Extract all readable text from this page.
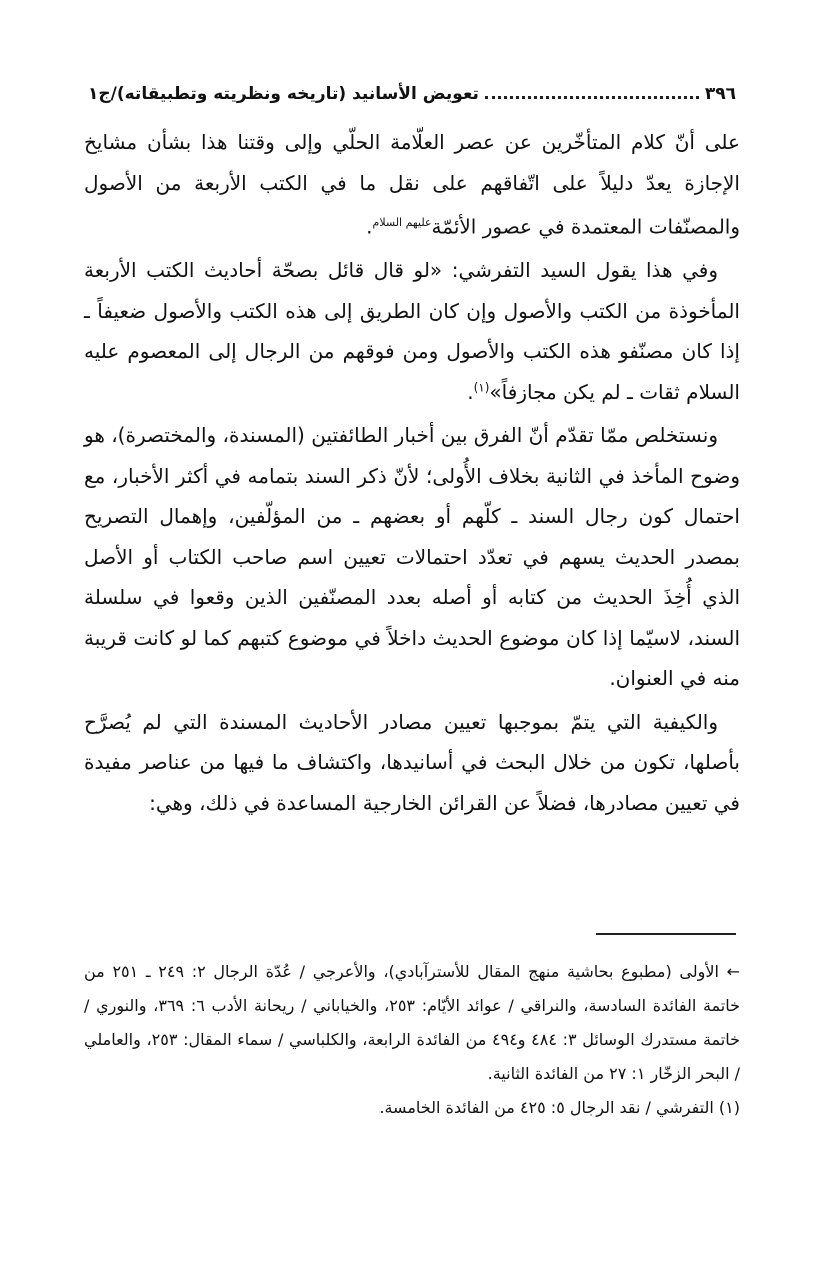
٣٩٦
تعويض الأسانيد (تاريخه ونظريته وتطبيقاته)/ج١

على أنّ كلام المتأخّرين عن عصر العلّامة الحلّي وإلى وقتنا هذا بشأن مشايخ الإجازة يعدّ دليلاً على اتّفاقهم على نقل ما في الكتب الأربعة من الأصول والمصنّفات المعتمدة في عصور الأئمّة$^{عليهم السلام}$.

وفي هذا يقول السيد التفرشي: «لو قال قائل بصحّة أحاديث الكتب الأربعة المأخوذة من الكتب والأصول وإن كان الطريق إلى هذه الكتب والأصول ضعيفاً ـ إذا كان مصنّفو هذه الكتب والأصول ومن فوقهم من الرجال إلى المعصوم عليه السلام ثقات ـ لم يكن مجازفاً»$^{(١)}$.

ونستخلص ممّا تقدّم أنّ الفرق بين أخبار الطائفتين (المسندة، والمختصرة)، هو وضوح المأخذ في الثانية بخلاف الأُولى؛ لأنّ ذكر السند بتمامه في أكثر الأخبار، مع احتمال كون رجال السند ـ كلّهم أو بعضهم ـ من المؤلّفين، وإهمال التصريح بمصدر الحديث يسهم في تعدّد احتمالات تعيين اسم صاحب الكتاب أو الأصل الذي أُخِذَ الحديث من كتابه أو أصله بعدد المصنّفين الذين وقعوا في سلسلة السند، لاسيّما إذا كان موضوع الحديث داخلاً في موضوع كتبهم كما لو كانت قريبة منه في العنوان.

والكيفية التي يتمّ بموجبها تعيين مصادر الأحاديث المسندة التي لم يُصرَّح بأصلها، تكون من خلال البحث في أسانيدها، واكتشاف ما فيها من عناصر مفيدة في تعيين مصادرها، فضلاً عن القرائن الخارجية المساعدة في ذلك، وهي:

← الأولى (مطبوع بحاشية منهج المقال للأسترآبادي)، والأعرجي / عُدّة الرجال ٢: ٢٤٩ ـ ٢٥١ من خاتمة الفائدة السادسة، والنراقي / عوائد الأيّام: ٢٥٣، والخياباني / ريحانة الأدب ٦: ٣٦٩، والنوري / خاتمة مستدرك الوسائل ٣: ٤٨٤ و٤٩٤ من الفائدة الرابعة، والكلباسي / سماء المقال: ٢٥٣، والعاملي / البحر الزخّار ١: ٢٧ من الفائدة الثانية.

(١) التفرشي / نقد الرجال ٥: ٤٢٥ من الفائدة الخامسة.
